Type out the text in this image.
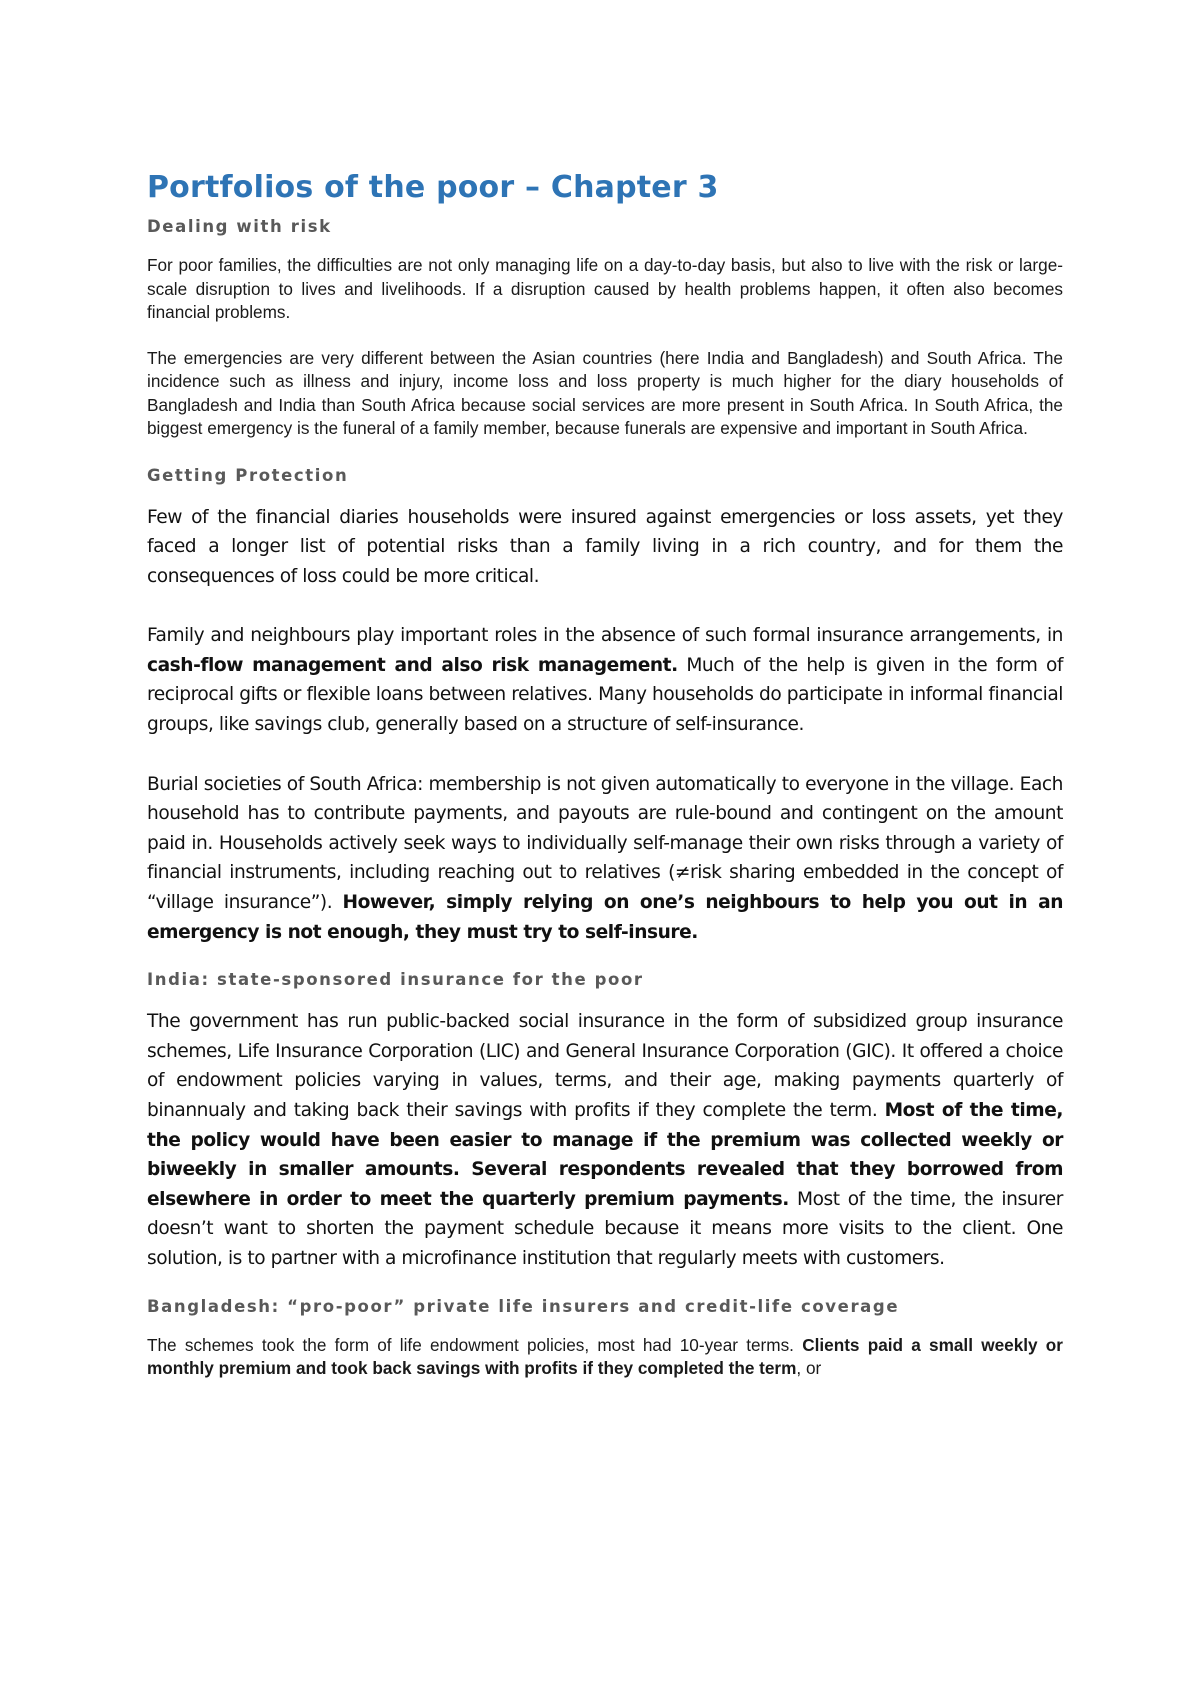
Portfolios of the poor – Chapter 3
Dealing with risk

For poor families, the difficulties are not only managing life on a day-to-day basis, but also to live with the risk or large-scale disruption to lives and livelihoods. If a disruption caused by health problems happen, it often also becomes financial problems.

The emergencies are very different between the Asian countries (here India and Bangladesh) and South Africa. The incidence such as illness and injury, income loss and loss property is much higher for the diary households of Bangladesh and India than South Africa because social services are more present in South Africa. In South Africa, the biggest emergency is the funeral of a family member, because funerals are expensive and important in South Africa.

Getting Protection

Few of the financial diaries households were insured against emergencies or loss assets, yet they faced a longer list of potential risks than a family living in a rich country, and for them the consequences of loss could be more critical.

Family and neighbours play important roles in the absence of such formal insurance arrangements, in cash-flow management and also risk management. Much of the help is given in the form of reciprocal gifts or flexible loans between relatives. Many households do participate in informal financial groups, like savings club, generally based on a structure of self-insurance.

Burial societies of South Africa: membership is not given automatically to everyone in the village. Each household has to contribute payments, and payouts are rule-bound and contingent on the amount paid in. Households actively seek ways to individually self-manage their own risks through a variety of financial instruments, including reaching out to relatives (≠risk sharing embedded in the concept of “village insurance”). However, simply relying on one’s neighbours to help you out in an emergency is not enough, they must try to self-insure.

India: state-sponsored insurance for the poor

The government has run public-backed social insurance in the form of subsidized group insurance schemes, Life Insurance Corporation (LIC) and General Insurance Corporation (GIC). It offered a choice of endowment policies varying in values, terms, and their age, making payments quarterly of binannualy and taking back their savings with profits if they complete the term. Most of the time, the policy would have been easier to manage if the premium was collected weekly or biweekly in smaller amounts. Several respondents revealed that they borrowed from elsewhere in order to meet the quarterly premium payments. Most of the time, the insurer doesn’t want to shorten the payment schedule because it means more visits to the client. One solution, is to partner with a microfinance institution that regularly meets with customers.

Bangladesh: “pro-poor” private life insurers and credit-life coverage

The schemes took the form of life endowment policies, most had 10-year terms. Clients paid a small weekly or monthly premium and took back savings with profits if they completed the term, or
